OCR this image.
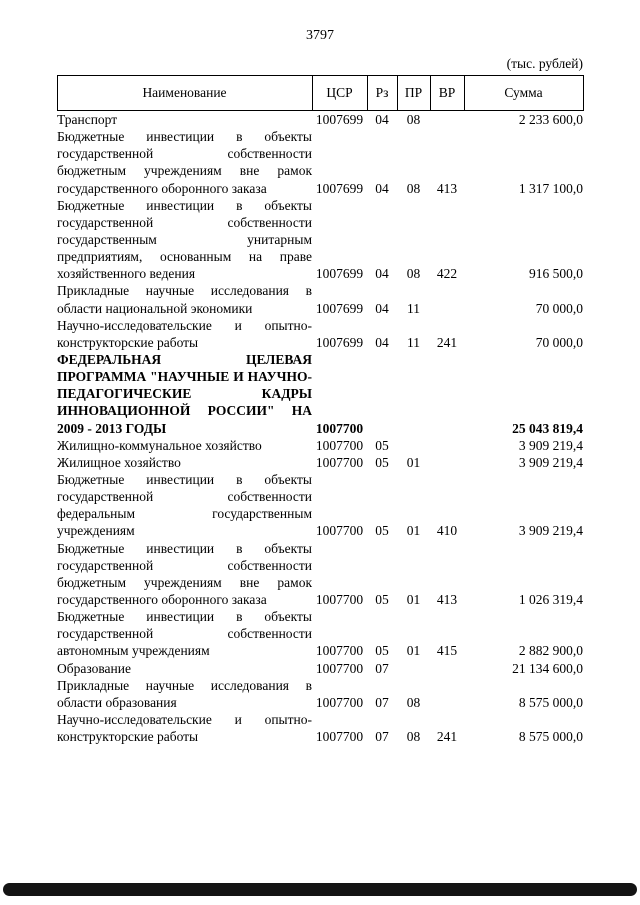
3797
(тыс. рублей)
Наименование	ЦСР	Рз	ПР	ВР	Сумма
Транспорт	1007699	04	08		2 233 600,0
Бюджетные инвестиции в объекты государственной собственности бюджетным учреждениям вне рамок государственного оборонного заказа	1007699	04	08	413	1 317 100,0
Бюджетные инвестиции в объекты государственной собственности государственным унитарным предприятиям, основанным на праве хозяйственного ведения	1007699	04	08	422	916 500,0
Прикладные научные исследования в области национальной экономики	1007699	04	11		70 000,0
Научно-исследовательские и опытно-конструкторские работы	1007699	04	11	241	70 000,0
ФЕДЕРАЛЬНАЯ ЦЕЛЕВАЯ ПРОГРАММА "НАУЧНЫЕ И НАУЧНО-ПЕДАГОГИЧЕСКИЕ КАДРЫ ИННОВАЦИОННОЙ РОССИИ" НА 2009 - 2013 ГОДЫ	1007700				25 043 819,4
Жилищно-коммунальное хозяйство	1007700	05			3 909 219,4
Жилищное хозяйство	1007700	05	01		3 909 219,4
Бюджетные инвестиции в объекты государственной собственности федеральным государственным учреждениям	1007700	05	01	410	3 909 219,4
Бюджетные инвестиции в объекты государственной собственности бюджетным учреждениям вне рамок государственного оборонного заказа	1007700	05	01	413	1 026 319,4
Бюджетные инвестиции в объекты государственной собственности автономным учреждениям	1007700	05	01	415	2 882 900,0
Образование	1007700	07			21 134 600,0
Прикладные научные исследования в области образования	1007700	07	08		8 575 000,0
Научно-исследовательские и опытно-конструкторские работы	1007700	07	08	241	8 575 000,0
